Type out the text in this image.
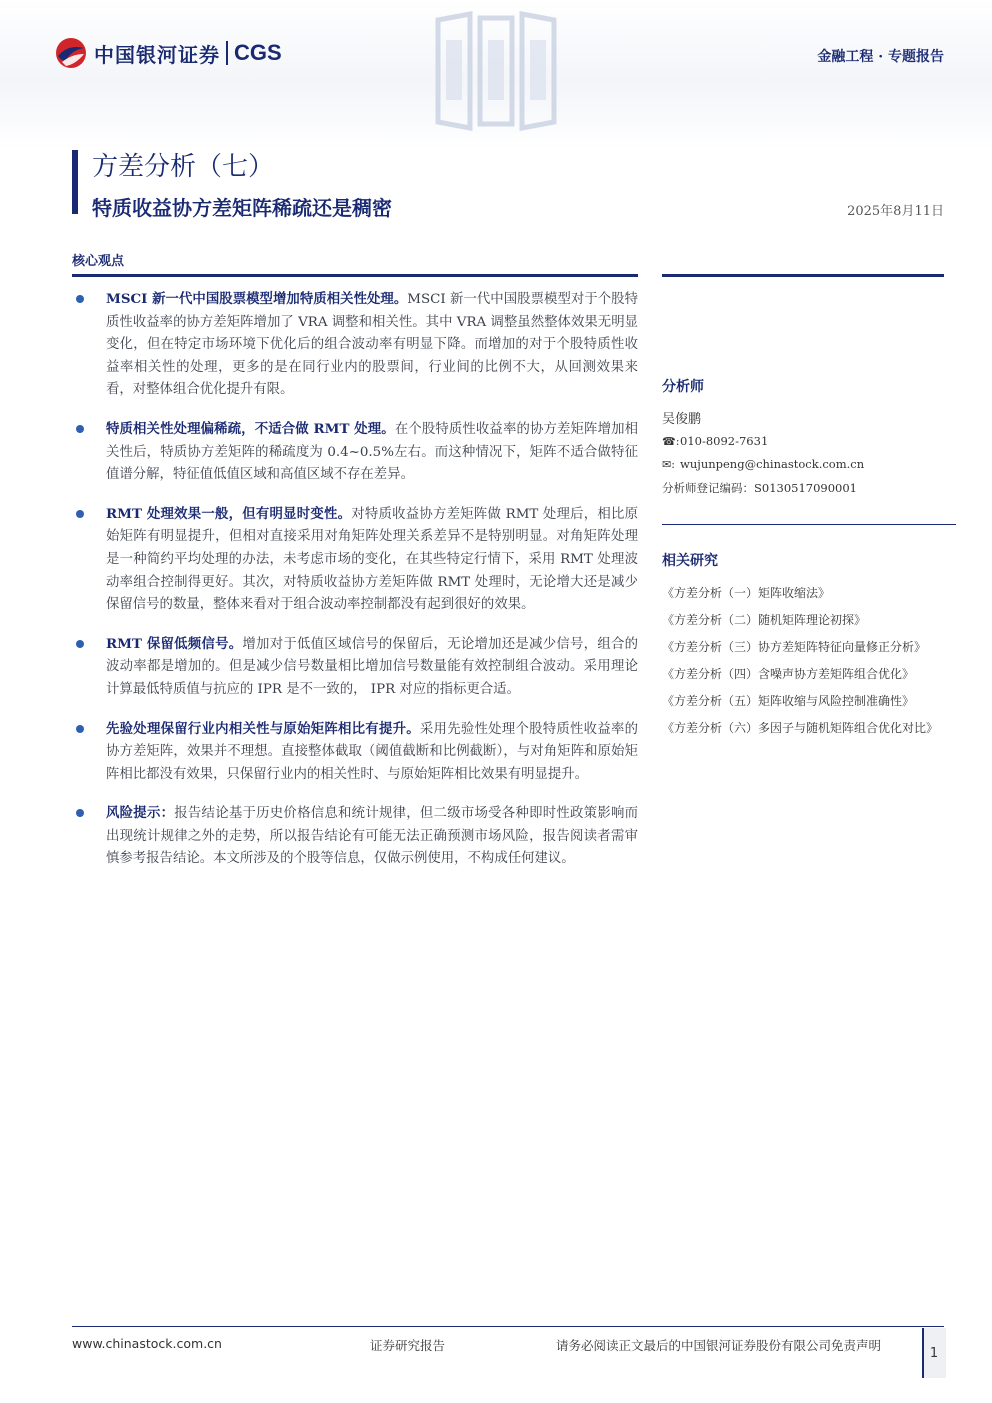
中国银河证券 CGS	金融工程 · 专题报告
方差分析（七）
特质收益协方差矩阵稀疏还是稠密	2025年8月11日
核心观点
MSCI 新一代中国股票模型增加特质相关性处理。MSCI 新一代中国股票模型对于个股特质性收益率的协方差矩阵增加了 VRA 调整和相关性。其中 VRA 调整虽然整体效果无明显变化，但在特定市场环境下优化后的组合波动率有明显下降。而增加的对于个股特质性收益率相关性的处理，更多的是在同行业内的股票间，行业间的比例不大，从回测效果来看，对整体组合优化提升有限。
特质相关性处理偏稀疏，不适合做 RMT 处理。在个股特质性收益率的协方差矩阵增加相关性后，特质协方差矩阵的稀疏度为 0.4~0.5%左右。而这种情况下，矩阵不适合做特征值谱分解，特征值低值区域和高值区域不存在差异。
RMT 处理效果一般，但有明显时变性。对特质收益协方差矩阵做 RMT 处理后，相比原始矩阵有明显提升，但相对直接采用对角矩阵处理关系差异不是特别明显。对角矩阵处理是一种简约平均处理的办法，未考虑市场的变化，在其些特定行情下，采用 RMT 处理波动率组合控制得更好。其次，对特质收益协方差矩阵做 RMT 处理时，无论增大还是减少保留信号的数量，整体来看对于组合波动率控制都没有起到很好的效果。
RMT 保留低频信号。增加对于低值区域信号的保留后，无论增加还是减少信号，组合的波动率都是增加的。但是减少信号数量相比增加信号数量能有效控制组合波动。采用理论计算最低特质值与抗应的 IPR 是不一致的， IPR 对应的指标更合适。
先验处理保留行业内相关性与原始矩阵相比有提升。采用先验性处理个股特质性收益率的协方差矩阵，效果并不理想。直接整体截取（阈值截断和比例截断），与对角矩阵和原始矩阵相比都没有效果，只保留行业内的相关性时、与原始矩阵相比效果有明显提升。
风险提示：报告结论基于历史价格信息和统计规律，但二级市场受各种即时性政策影响而出现统计规律之外的走势，所以报告结论有可能无法正确预测市场风险，报告阅读者需审慎参考报告结论。本文所涉及的个股等信息，仅做示例使用，不构成任何建议。
分析师
吴俊鹏
☎: 010-8092-7631
✉: wujunpeng@chinastock.com.cn
分析师登记编码：S0130517090001
相关研究
《方差分析（一）矩阵收缩法》
《方差分析（二）随机矩阵理论初探》
《方差分析（三）协方差矩阵特征向量修正分析》
《方差分析（四）含噪声协方差矩阵组合优化》
《方差分析（五）矩阵收缩与风险控制准确性》
《方差分析（六）多因子与随机矩阵组合优化对比》
www.chinastock.com.cn	证券研究报告	请务必阅读正文最后的中国银河证券股份有限公司免责声明
1
